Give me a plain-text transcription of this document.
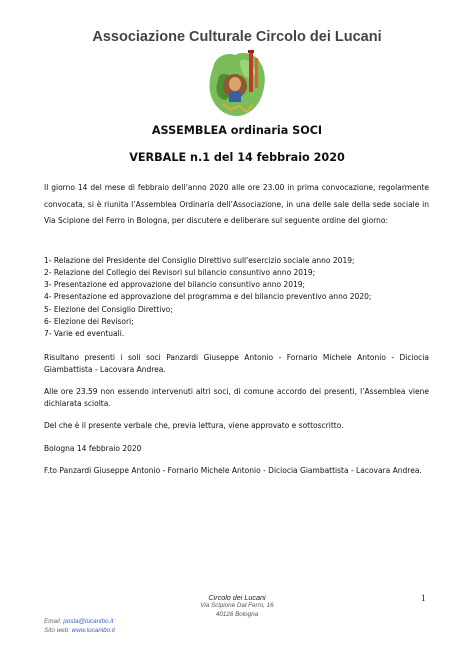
Associazione Culturale Circolo dei Lucani
ASSEMBLEA ordinaria SOCI
VERBALE n.1 del 14 febbraio 2020
Il giorno 14 del mese di febbraio dell’anno 2020 alle ore 23.00 in prima convocazione, regolarmente convocata, si è riunita l’Assemblea Ordinaria dell’Associazione, in una delle sale della sede sociale in Via Scipione del Ferro in Bologna, per discutere e deliberare sul seguente ordine del giorno:
1- Relazione del Presidente del Consiglio Direttivo sull'esercizio sociale anno 2019;
2- Relazione del Collegio dei Revisori sul bilancio consuntivo anno 2019;
3- Presentazione ed approvazione del bilancio consuntivo anno 2019;
4- Presentazione ed approvazione del programma e del bilancio preventivo anno 2020;
5- Elezione del Consiglio Direttivo;
6- Elezione dei Revisori;
7- Varie ed eventuali.
Risultano presenti i soli soci Panzardi Giuseppe Antonio - Fornario Michele Antonio - Diciocia Giambattista - Lacovara Andrea.
Alle ore 23.59 non essendo intervenuti altri soci, di comune accordo dei presenti, l’Assemblea viene dichiarata sciolta.
Del che è il presente verbale che, previa lettura, viene approvato e sottoscritto.
Bologna 14 febbraio 2020
F.to Panzardi Giuseppe Antonio - Fornario Michele Antonio - Diciocia Giambattista - Lacovara Andrea.
1
Circolo dei Lucani
Via Scipione Dal Ferro, 16
40126 Bologna
Email: posta@lucanibo.it
Sito web: www.lucanibo.it
